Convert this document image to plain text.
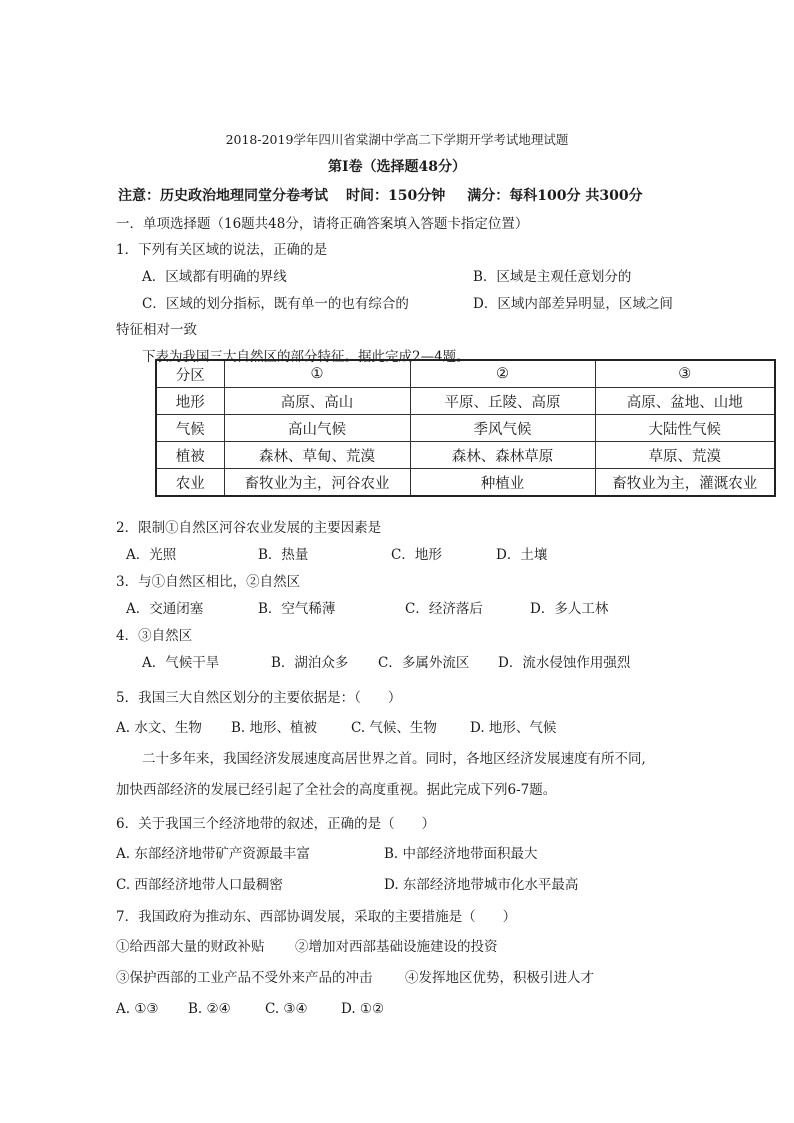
2018-2019学年四川省棠湖中学高二下学期开学考试地理试题
第Ⅰ卷（选择题48分）
注意：历史政治地理同堂分卷考试 时间：150分钟 满分：每科100分 共300分
一．单项选择题（16题共48分，请将正确答案填入答题卡指定位置）
1．下列有关区域的说法，正确的是
A．区域都有明确的界线	B．区域是主观任意划分的
C．区域的划分指标，既有单一的也有综合的	D．区域内部差异明显，区域之间
特征相对一致
下表为我国三大自然区的部分特征。据此完成2—4题。
分区	①	②	③
地形	高原、高山	平原、丘陵、高原	高原、盆地、山地
气候	高山气候	季风气候	大陆性气候
植被	森林、草甸、荒漠	森林、森林草原	草原、荒漠
农业	畜牧业为主，河谷农业	种植业	畜牧业为主，灌溉农业
2．限制①自然区河谷农业发展的主要因素是
A．光照	B．热量	C．地形	D．土壤
3．与①自然区相比，②自然区
A．交通闭塞	B．空气稀薄	C．经济落后	D．多人工林
4．③自然区
A．气候干旱	B．湖泊众多 C．多属外流区 D．流水侵蚀作用强烈
5．我国三大自然区划分的主要依据是：（　　）
A. 水文、生物 B. 地形、植被	C. 气候、生物 D. 地形、气候
二十多年来，我国经济发展速度高居世界之首。同时，各地区经济发展速度有所不同,
加快西部经济的发展已经引起了全社会的高度重视。据此完成下列6-7题。
6．关于我国三个经济地带的叙述，正确的是（　　）
A. 东部经济地带矿产资源最丰富	B. 中部经济地带面积最大
C. 西部经济地带人口最稠密	D. 东部经济地带城市化水平最高
7．我国政府为推动东、西部协调发展，采取的主要措施是（　　）
①给西部大量的财政补贴 ②增加对西部基础设施建设的投资
③保护西部的工业产品不受外来产品的冲击 ④发挥地区优势，积极引进人才
A. ①③ B. ②④	C. ③④ D. ①②
